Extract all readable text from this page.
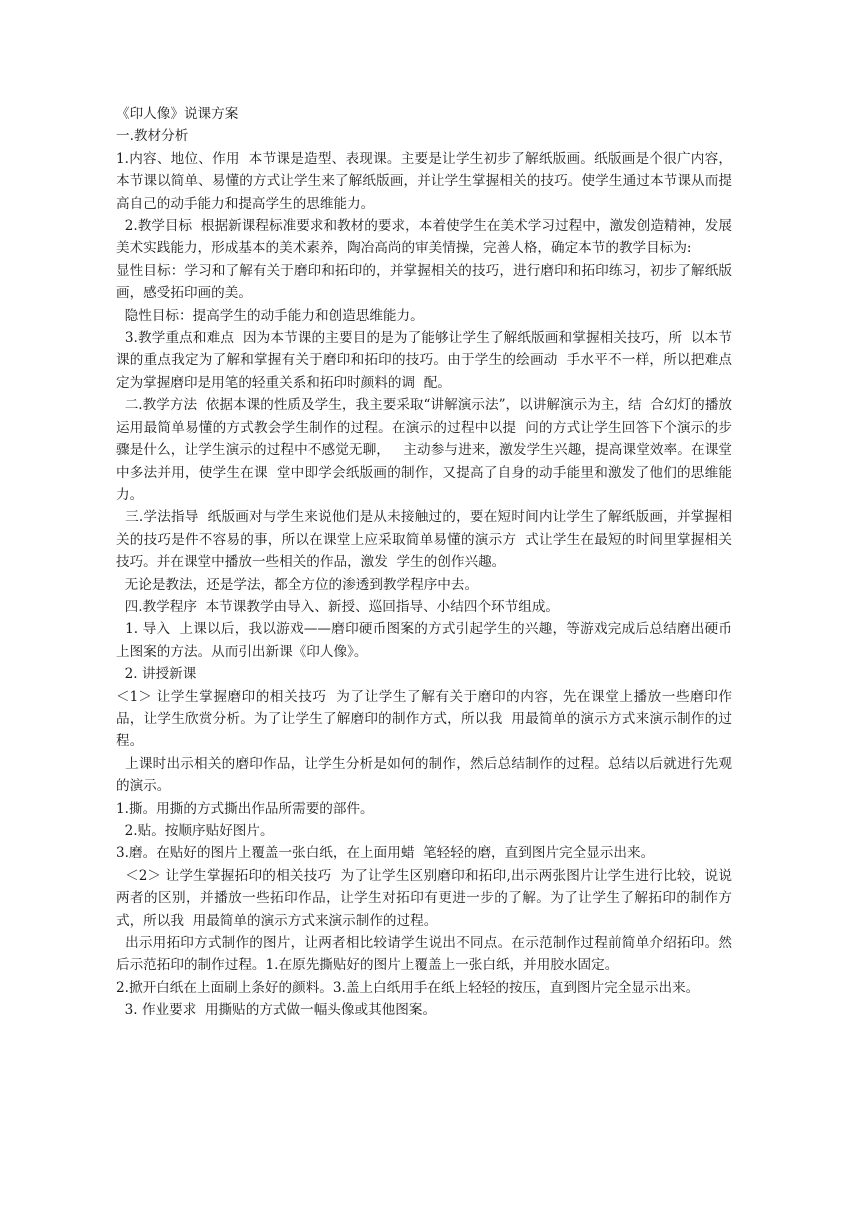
《印人像》说课方案

一.教材分析

1.内容、地位、作用  本节课是造型、表现课。主要是让学生初步了解纸版画。纸版画是个很广内容，本节课以简单、易懂的方式让学生来了解纸版画，并让学生掌握相关的技巧。使学生通过本节课从而提高自己的动手能力和提高学生的思维能力。

2.教学目标  根据新课程标准要求和教材的要求，本着使学生在美术学习过程中，激发创造精神，发展美术实践能力，形成基本的美术素养，陶冶高尚的审美情操，完善人格，确定本节的教学目标为:

显性目标：学习和了解有关于磨印和拓印的，并掌握相关的技巧，进行磨印和拓印练习，初步了解纸版画，感受拓印画的美。

隐性目标：提高学生的动手能力和创造思维能力。

3.教学重点和难点  因为本节课的主要目的是为了能够让学生了解纸版画和掌握相关技巧，所  以本节课的重点我定为了解和掌握有关于磨印和拓印的技巧。由于学生的绘画动  手水平不一样，所以把难点定为掌握磨印是用笔的轻重关系和拓印时颜料的调  配。

二.教学方法  依据本课的性质及学生，我主要采取“讲解演示法”，以讲解演示为主，结  合幻灯的播放运用最简单易懂的方式教会学生制作的过程。在演示的过程中以提  问的方式让学生回答下个演示的步骤是什么，让学生演示的过程中不感觉无聊，   主动参与进来，激发学生兴趣，提高课堂效率。在课堂中多法并用，使学生在课  堂中即学会纸版画的制作，又提高了自身的动手能里和激发了他们的思维能力。

三.学法指导  纸版画对与学生来说他们是从未接触过的，要在短时间内让学生了解纸版画，并掌握相关的技巧是件不容易的事，所以在课堂上应采取简单易懂的演示方  式让学生在最短的时间里掌握相关技巧。并在课堂中播放一些相关的作品，激发  学生的创作兴趣。

无论是教法，还是学法，都全方位的渗透到教学程序中去。

四.教学程序  本节课教学由导入、新授、巡回指导、小结四个环节组成。

1. 导入  上课以后，我以游戏——磨印硬币图案的方式引起学生的兴趣，等游戏完成后总结磨出硬币上图案的方法。从而引出新课《印人像》。

2. 讲授新课

＜1＞ 让学生掌握磨印的相关技巧  为了让学生了解有关于磨印的内容，先在课堂上播放一些磨印作品，让学生欣赏分析。为了让学生了解磨印的制作方式，所以我  用最简单的演示方式来演示制作的过程。

上课时出示相关的磨印作品，让学生分析是如何的制作，然后总结制作的过程。总结以后就进行先观的演示。

1.撕。用撕的方式撕出作品所需要的部件。

2.贴。按顺序贴好图片。

3.磨。在贴好的图片上覆盖一张白纸，在上面用蜡  笔轻轻的磨，直到图片完全显示出来。

＜2＞ 让学生掌握拓印的相关技巧  为了让学生区别磨印和拓印,出示两张图片让学生进行比较，说说两者的区别，并播放一些拓印作品，让学生对拓印有更进一步的了解。为了让学生了解拓印的制作方式，所以我  用最简单的演示方式来演示制作的过程。

出示用拓印方式制作的图片，让两者相比较请学生说出不同点。在示范制作过程前简单介绍拓印。然后示范拓印的制作过程。1.在原先撕贴好的图片上覆盖上一张白纸，并用胶水固定。

2.掀开白纸在上面刷上条好的颜料。3.盖上白纸用手在纸上轻轻的按压，直到图片完全显示出来。

3. 作业要求  用撕贴的方式做一幅头像或其他图案。
